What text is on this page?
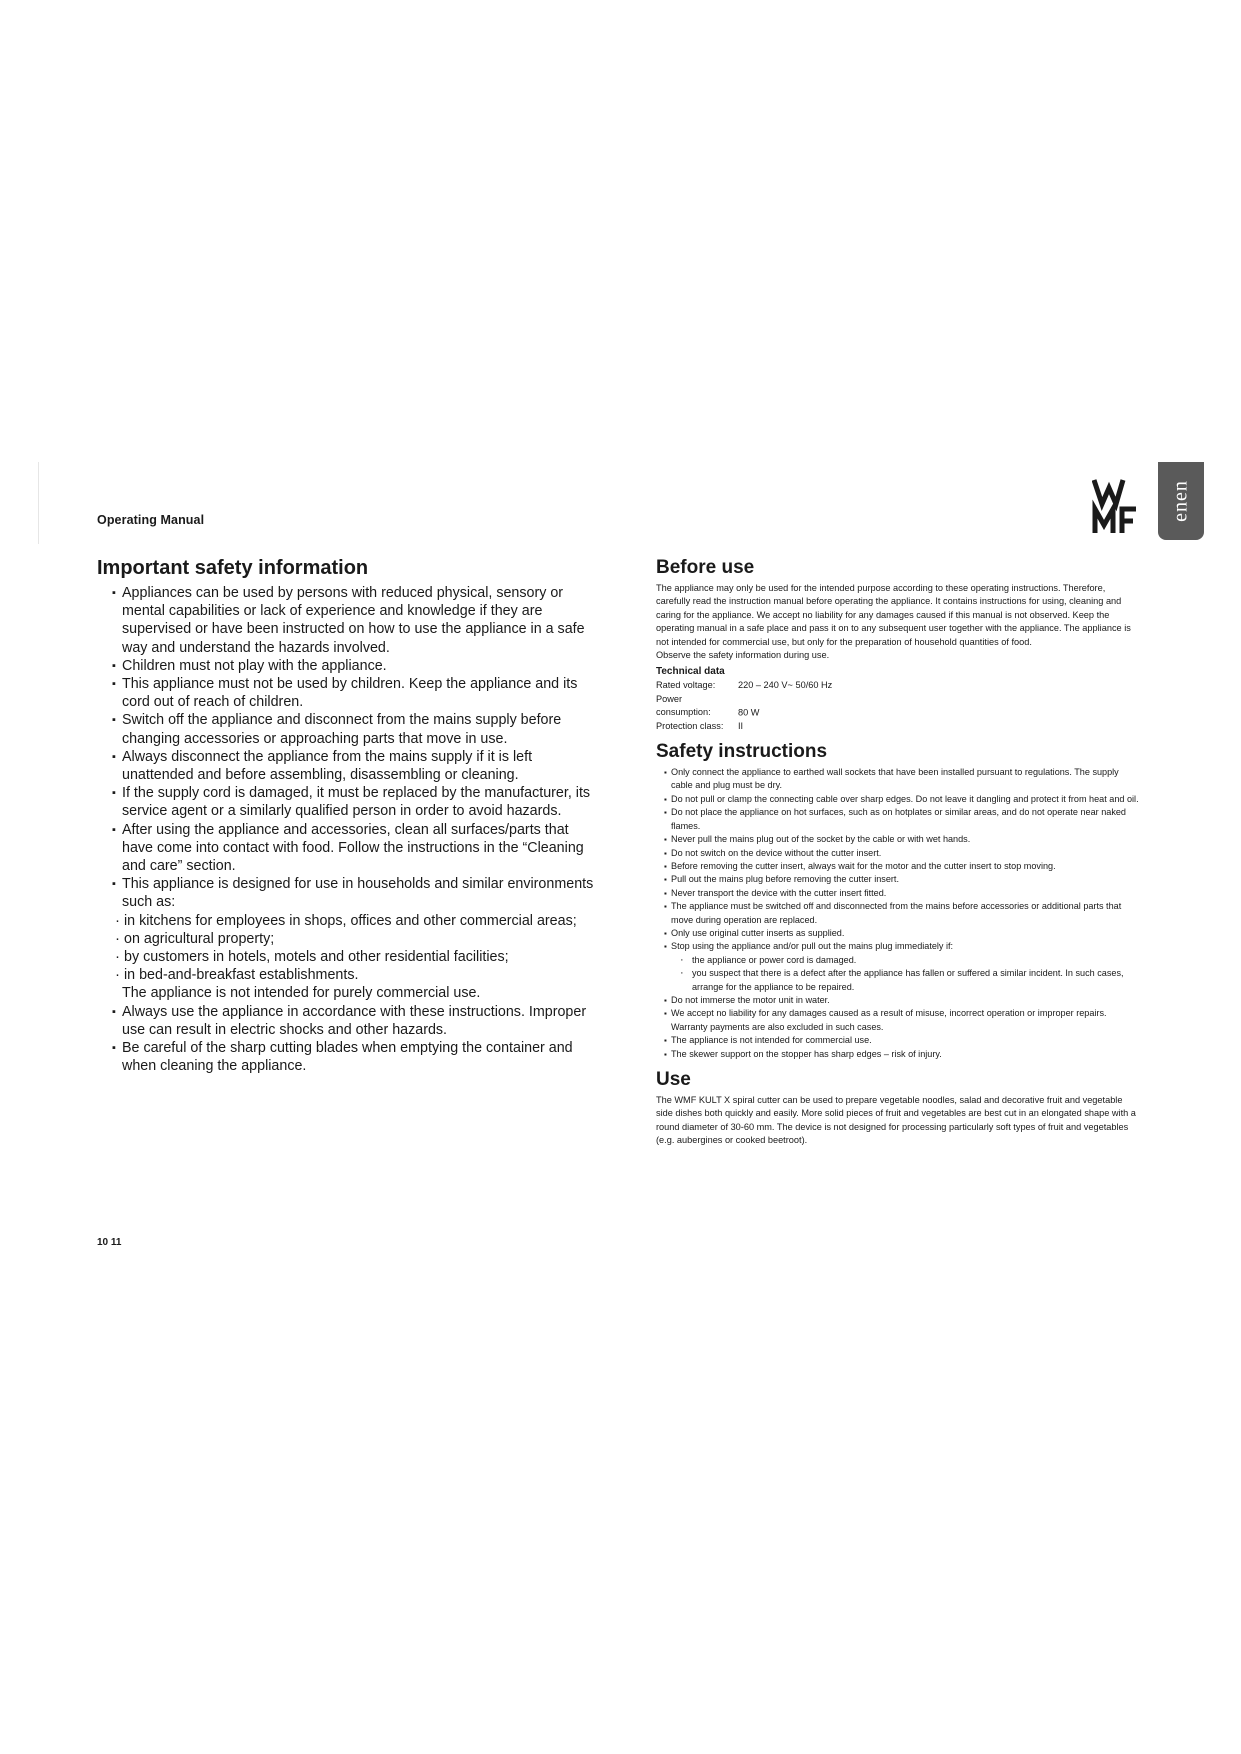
Operating Manual	enen
Important safety information
▪ Appliances can be used by persons with reduced physical, sensory or mental capabilities or lack of experience and knowledge if they are supervised or have been instructed on how to use the appliance in a safe way and understand the hazards involved.
▪ Children must not play with the appliance.
▪ This appliance must not be used by children. Keep the appliance and its cord out of reach of children.
▪ Switch off the appliance and disconnect from the mains supply before changing accessories or approaching parts that move in use.
▪ Always disconnect the appliance from the mains supply if it is left unattended and before assembling, disassembling or cleaning.
▪ If the supply cord is damaged, it must be replaced by the manufacturer, its service agent or a similarly qualified person in order to avoid hazards.
▪ After using the appliance and accessories, clean all surfaces/parts that have come into contact with food. Follow the instructions in the “Cleaning and care” section.
▪ This appliance is designed for use in households and similar environments such as:
· in kitchens for employees in shops, offices and other commercial areas;
· on agricultural property;
· by customers in hotels, motels and other residential facilities;
· in bed-and-breakfast establishments.
The appliance is not intended for purely commercial use.
▪ Always use the appliance in accordance with these instructions. Improper use can result in electric shocks and other hazards.
▪ Be careful of the sharp cutting blades when emptying the container and when cleaning the appliance.
Before use

The appliance may only be used for the intended purpose according to these operating instructions. Therefore, carefully read the instruction manual before operating the appliance. It contains instructions for using, cleaning and caring for the appliance. We accept no liability for any damages caused if this manual is not observed. Keep the operating manual in a safe place and pass it on to any subsequent user together with the appliance. The appliance is not intended for commercial use, but only for the preparation of household quantities of food.

Observe the safety information during use.

Technical data
Rated voltage: 220 – 240 V~ 50/60 Hz
Power consumption:	80 W
Protection class: II
Safety instructions
▪ Only connect the appliance to earthed wall sockets that have been installed pursuant to regulations. The supply cable and plug must be dry.
▪ Do not pull or clamp the connecting cable over sharp edges. Do not leave it dangling and protect it from heat and oil.
▪ Do not place the appliance on hot surfaces, such as on hotplates or similar areas, and do not operate near naked flames.
▪ Never pull the mains plug out of the socket by the cable or with wet hands.
▪ Do not switch on the device without the cutter insert.
▪ Before removing the cutter insert, always wait for the motor and the cutter insert to stop moving.
▪ Pull out the mains plug before removing the cutter insert.
▪ Never transport the device with the cutter insert fitted.
▪ The appliance must be switched off and disconnected from the mains before accessories or additional parts that move during operation are replaced.
▪ Only use original cutter inserts as supplied.
▪ Stop using the appliance and/or pull out the mains plug immediately if:
· the appliance or power cord is damaged.
· you suspect that there is a defect after the appliance has fallen or suffered a similar incident. In such cases, arrange for the appliance to be repaired.
▪ Do not immerse the motor unit in water.
▪ We accept no liability for any damages caused as a result of misuse, incorrect operation or improper repairs. Warranty payments are also excluded in such cases.
▪ The appliance is not intended for commercial use.
▪ The skewer support on the stopper has sharp edges – risk of injury.
Use

The WMF KULT X spiral cutter can be used to prepare vegetable noodles, salad and decorative fruit and vegetable side dishes both quickly and easily. More solid pieces of fruit and vegetables are best cut in an elongated shape with a round diameter of 30-60 mm. The device is not designed for processing particularly soft types of fruit and vegetables (e.g. aubergines or cooked beetroot).

10 11
